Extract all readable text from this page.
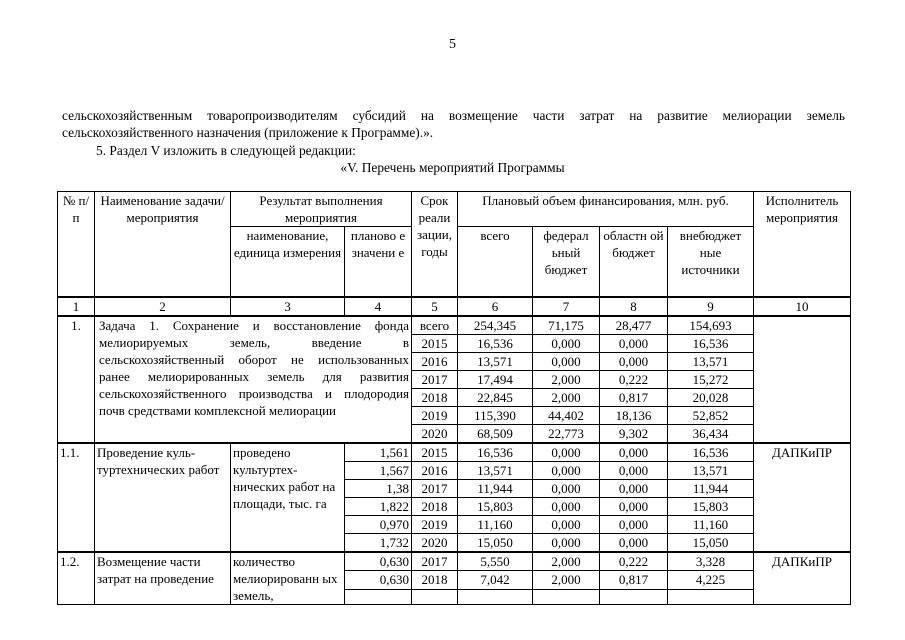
5
сельскохозяйственным товаропроизводителям субсидий на возмещение части затрат на развитие мелиорации земель сельскохозяйственного назначения (приложение к Программе).».
5. Раздел V изложить в следующей редакции:
«V. Перечень мероприятий Программы
№ п/п	Наименование задачи/мероприятия	Результат выполнения мероприятия		Срок реали зации, годы	Плановый объем финансирования, млн. руб.				Исполнитель мероприятия
		наименование, единица измерения	планово е значени е		всего	федерал ьный бюджет	областн ой бюджет	внебюджет ные источники	
1	2	3	4	5	6	7	8	9	10
1.	Задача 1. Сохранение и восстановление фонда мелиорируемых земель, введение в сельскохозяйственный оборот не использованных ранее мелиорированных земель для развития сельскохозяйственного производства и плодородия почв средствами комплексной мелиорации			всего	254,345	71,175	28,477	154,693	
				2015	16,536	0,000	0,000	16,536	
				2016	13,571	0,000	0,000	13,571	
				2017	17,494	2,000	0,222	15,272	
				2018	22,845	2,000	0,817	20,028	
				2019	115,390	44,402	18,136	52,852	
				2020	68,509	22,773	9,302	36,434	
1.1.	Проведение куль-туртехнических работ	проведено культуртех-нических работ на площади, тыс. га	1,561	2015	16,536	0,000	0,000	16,536	ДАПКиПР
			1,567	2016	13,571	0,000	0,000	13,571	
			1,38	2017	11,944	0,000	0,000	11,944	
			1,822	2018	15,803	0,000	0,000	15,803	
			0,970	2019	11,160	0,000	0,000	11,160	
			1,732	2020	15,050	0,000	0,000	15,050	
1.2.	Возмещение части затрат на проведение	количество мелиорированн ых земель,	0,630	2017	5,550	2,000	0,222	3,328	ДАПКиПР
			0,630	2018	7,042	2,000	0,817	4,225	
